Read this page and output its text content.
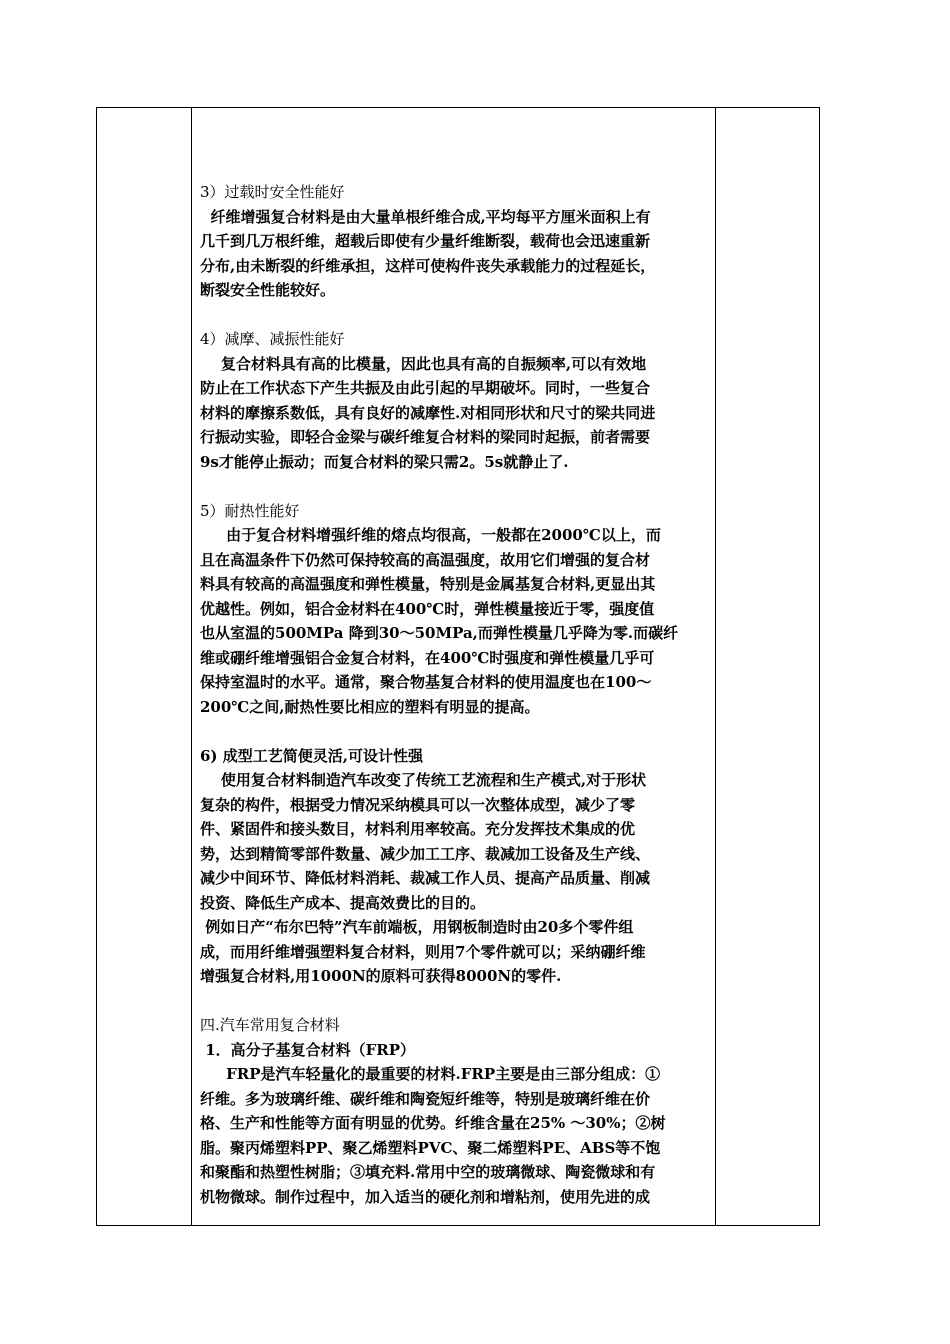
3）过载时安全性能好

纤维增强复合材料是由大量单根纤维合成,平均每平方厘米面积上有

几千到几万根纤维，超载后即使有少量纤维断裂，载荷也会迅速重新

分布,由未断裂的纤维承担，这样可使构件丧失承载能力的过程延长，

断裂安全性能较好。

4）减摩、减振性能好

复合材料具有高的比模量，因此也具有高的自振频率,可以有效地

防止在工作状态下产生共振及由此引起的早期破坏。同时，一些复合

材料的摩擦系数低，具有良好的减摩性.对相同形状和尺寸的梁共同进

行振动实验，即轻合金梁与碳纤维复合材料的梁同时起振，前者需要

9s才能停止振动；而复合材料的梁只需2。5s就静止了.

5）耐热性能好

由于复合材料增强纤维的熔点均很高，一般都在2000℃以上，而

且在高温条件下仍然可保持较高的高温强度，故用它们增强的复合材

料具有较高的高温强度和弹性模量，特别是金属基复合材料,更显出其

优越性。例如，铝合金材料在400℃时，弹性模量接近于零，强度值

也从室温的500MPa 降到30～50MPa,而弹性模量几乎降为零.而碳纤

维或硼纤维增强铝合金复合材料，在400℃时强度和弹性模量几乎可

保持室温时的水平。通常，聚合物基复合材料的使用温度也在100～

200℃之间,耐热性要比相应的塑料有明显的提高。

6) 成型工艺简便灵活,可设计性强

使用复合材料制造汽车改变了传统工艺流程和生产模式,对于形状

复杂的构件，根据受力情况采纳模具可以一次整体成型，减少了零

件、紧固件和接头数目，材料利用率较高。充分发挥技术集成的优

势，达到精简零部件数量、减少加工工序、裁减加工设备及生产线、

减少中间环节、降低材料消耗、裁减工作人员、提高产品质量、削减

投资、降低生产成本、提高效费比的目的。

例如日产“布尔巴特”汽车前端板，用钢板制造时由20多个零件组

成，而用纤维增强塑料复合材料，则用7个零件就可以；采纳硼纤维

增强复合材料,用1000N的原料可获得8000N的零件.

四.汽车常用复合材料

1．高分子基复合材料（FRP）

FRP是汽车轻量化的最重要的材料.FRP主要是由三部分组成：①

纤维。多为玻璃纤维、碳纤维和陶瓷短纤维等，特别是玻璃纤维在价

格、生产和性能等方面有明显的优势。纤维含量在25% ～30%；②树

脂。聚丙烯塑料PP、聚乙烯塑料PVC、聚二烯塑料PE、ABS等不饱

和聚酯和热塑性树脂；③填充料.常用中空的玻璃微球、陶瓷微球和有

机物微球。制作过程中，加入适当的硬化剂和增粘剂，使用先进的成
